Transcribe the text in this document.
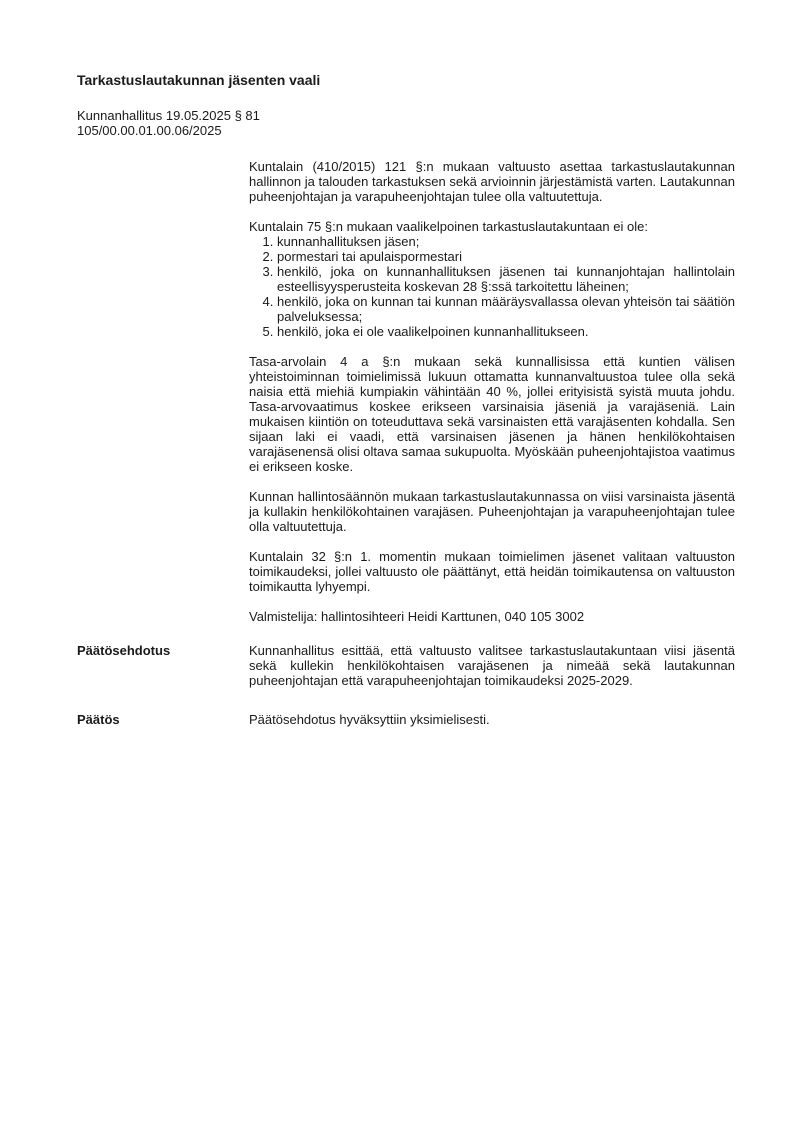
Tarkastuslautakunnan jäsenten vaali
Kunnanhallitus 19.05.2025 § 81
105/00.00.01.00.06/2025

Kuntalain (410/2015) 121 §:n mukaan valtuusto asettaa tarkastuslautakunnan hallinnon ja talouden tarkastuksen sekä arvioinnin järjestämistä varten. Lautakunnan puheenjohtajan ja varapuheenjohtajan tulee olla valtuutettuja.

Kuntalain 75 §:n mukaan vaalikelpoinen tarkastuslautakuntaan ei ole:

1. kunnanhallituksen jäsen;
2. pormestari tai apulaispormestari
3. henkilö, joka on kunnanhallituksen jäsenen tai kunnanjohtajan hallintolain esteellisyysperusteita koskevan 28 §:ssä tarkoitettu läheinen;
4. henkilö, joka on kunnan tai kunnan määräysvallassa olevan yhteisön tai säätiön palveluksessa;
5. henkilö, joka ei ole vaalikelpoinen kunnanhallitukseen.

Tasa-arvolain 4 a §:n mukaan sekä kunnallisissa että kuntien välisen yhteistoiminnan toimielimissä lukuun ottamatta kunnanvaltuustoa tulee olla sekä naisia että miehiä kumpiakin vähintään 40 %, jollei erityisistä syistä muuta johdu. Tasa-arvovaatimus koskee erikseen varsinaisia jäseniä ja varajäseniä. Lain mukaisen kiintiön on toteuduttava sekä varsinaisten että varajäsenten kohdalla. Sen sijaan laki ei vaadi, että varsinaisen jäsenen ja hänen henkilökohtaisen varajäsenensä olisi oltava samaa sukupuolta. Myöskään puheenjohtajistoa vaatimus ei erikseen koske.

Kunnan hallintosäännön mukaan tarkastuslautakunnassa on viisi varsinaista jäsentä ja kullakin henkilökohtainen varajäsen. Puheenjohtajan ja varapuheenjohtajan tulee olla valtuutettuja.

Kuntalain 32 §:n 1. momentin mukaan toimielimen jäsenet valitaan valtuuston toimikaudeksi, jollei valtuusto ole päättänyt, että heidän toimikautensa on valtuuston toimikautta lyhyempi.

Valmistelija: hallintosihteeri Heidi Karttunen, 040 105 3002

Päätösehdotus	Kunnanhallitus esittää, että valtuusto valitsee tarkastuslautakuntaan viisi jäsentä sekä kullekin henkilökohtaisen varajäsenen ja nimeää sekä lautakunnan puheenjohtajan että varapuheenjohtajan toimikaudeksi 2025-2029.
Päätös	Päätösehdotus hyväksyttiin yksimielisesti.
